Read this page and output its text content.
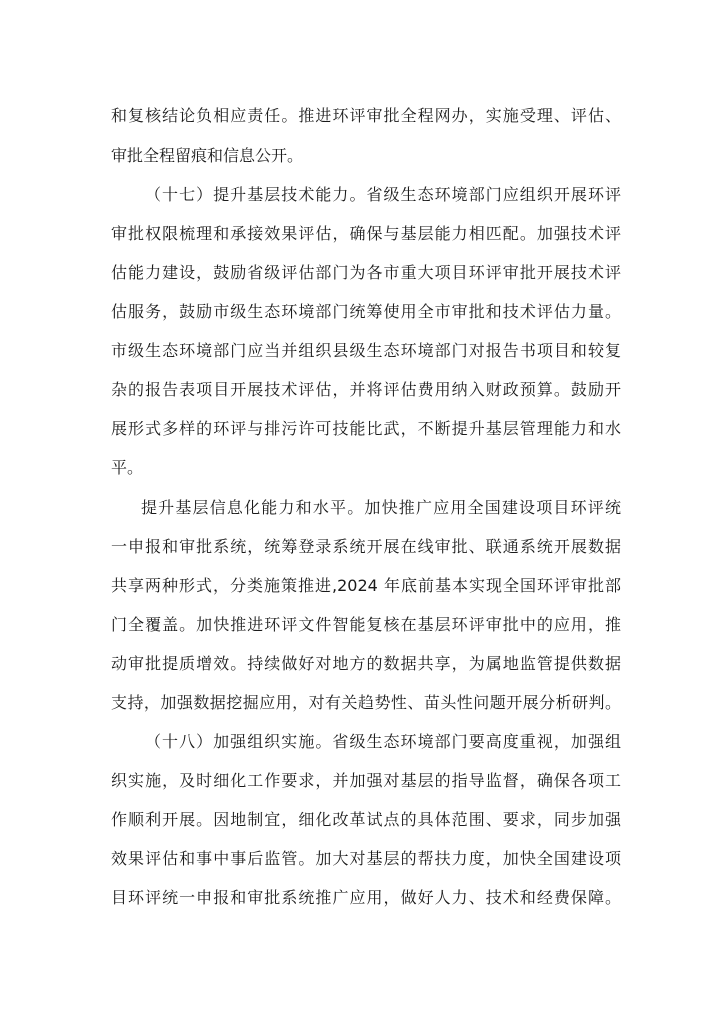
和复核结论负相应责任。推进环评审批全程网办，实施受理、评估、
审批全程留痕和信息公开。
（十七）提升基层技术能力。省级生态环境部门应组织开展环评
审批权限梳理和承接效果评估，确保与基层能力相匹配。加强技术评
估能力建设，鼓励省级评估部门为各市重大项目环评审批开展技术评
估服务，鼓励市级生态环境部门统筹使用全市审批和技术评估力量。
市级生态环境部门应当并组织县级生态环境部门对报告书项目和较复
杂的报告表项目开展技术评估，并将评估费用纳入财政预算。鼓励开
展形式多样的环评与排污许可技能比武，不断提升基层管理能力和水
平。
提升基层信息化能力和水平。加快推广应用全国建设项目环评统
一申报和审批系统，统筹登录系统开展在线审批、联通系统开展数据
共享两种形式，分类施策推进,2024 年底前基本实现全国环评审批部
门全覆盖。加快推进环评文件智能复核在基层环评审批中的应用，推
动审批提质增效。持续做好对地方的数据共享，为属地监管提供数据
支持，加强数据挖掘应用，对有关趋势性、苗头性问题开展分析研判。
（十八）加强组织实施。省级生态环境部门要高度重视，加强组
织实施，及时细化工作要求，并加强对基层的指导监督，确保各项工
作顺利开展。因地制宜，细化改革试点的具体范围、要求，同步加强
效果评估和事中事后监管。加大对基层的帮扶力度，加快全国建设项
目环评统一申报和审批系统推广应用，做好人力、技术和经费保障。
